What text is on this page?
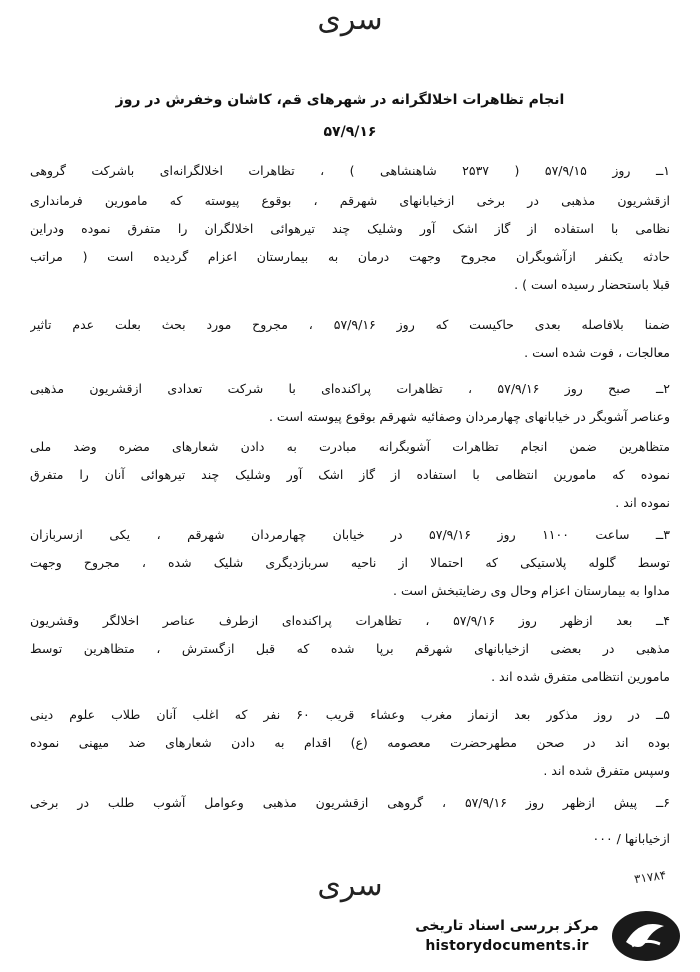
سری
انجام تظاهرات اخلالگرانه در شهرهای قم، کاشان وخفرش در روز
۵۷/۹/۱۶
۱ــ روز ۵۷/۹/۱۵ ( ۲۵۳۷ شاهنشاهی ) ، تظاهرات اخلالگرانه‌ای باشرکت گروهی
ازقشریون مذهبی در برخی ازخیابانهای شهرقم ، بوقوع پیوسته که مامورین فرمانداری
نظامی با استفاده از گاز اشک آور وشلیک چند تیرهوائی اخلالگران را متفرق نموده ودراین
حادثه یکنفر ازآشوبگران مجروح وجهت درمان به بیمارستان اعزام گردیده است ( مراتب
قبلا باستحضار رسیده است ) .
ضمنا بلافاصله بعدی حاکیست که روز ۵۷/۹/۱۶ ، مجروح مورد بحث بعلت عدم تاثیر
معالجات ، فوت شده است .
۲ــ صبح روز ۵۷/۹/۱۶ ، تظاهرات پراکنده‌ای با شرکت تعدادی ازقشریون مذهبی
وعناصر آشوبگر در خیابانهای چهارمردان وصفائیه شهرقم بوقوع پیوسته است .
متظاهرین ضمن انجام تظاهرات آشوبگرانه مبادرت به دادن شعارهای مضره وضد ملی
نموده که مامورین انتظامی با استفاده از گاز اشک آور وشلیک چند تیرهوائی آنان را متفرق
نموده اند .
۳ــ ساعت ۱۱۰۰ روز ۵۷/۹/۱۶ در خیابان چهارمردان شهرقم ، یکی ازسربازان
توسط گلوله پلاستیکی که احتمالا از ناحیه سربازدیگری شلیک شده ، مجروح وجهت
مداوا به بیمارستان اعزام وحال وی رضایتبخش است .
۴ــ بعد ازظهر روز ۵۷/۹/۱۶ ، تظاهرات پراکنده‌ای ازطرف عناصر اخلالگر وقشریون
مذهبی در بعضی ازخیابانهای شهرقم برپا شده که قبل ازگسترش ، متظاهرین توسط
مامورین انتظامی متفرق شده اند .
۵ــ در روز مذکور بعد ازنماز مغرب وعشاء قریب ۶۰ نفر که اغلب آنان طلاب علوم دینی
بوده اند در صحن مطهرحضرت معصومه (ع) اقدام به دادن شعارهای ضد میهنی نموده
وسپس متفرق شده اند .
۶ــ پیش ازظهر روز ۵۷/۹/۱۶ ، گروهی ازقشریون مذهبی وعوامل آشوب طلب در برخی
ازخیابانها / ۰۰۰
سری	۳۱۷۸۴
مرکز بررسی اسناد تاریخی
historydocuments.ir
